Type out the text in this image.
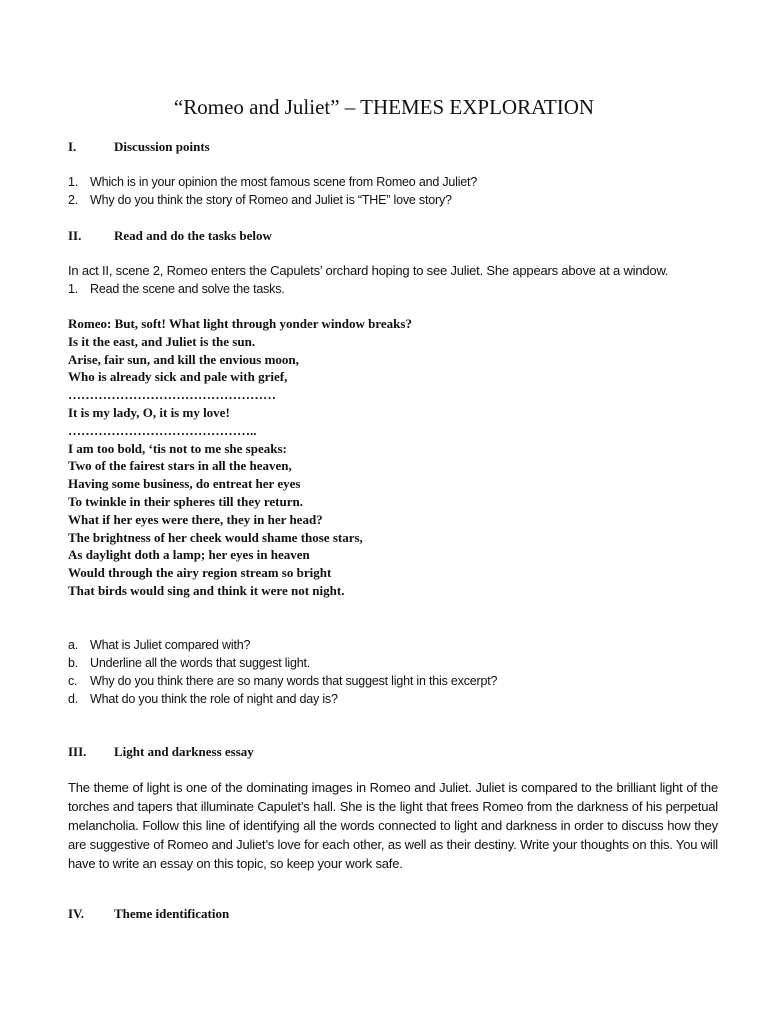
“Romeo and Juliet” – THEMES EXPLORATION
I.	Discussion points
1. Which is in your opinion the most famous scene from Romeo and Juliet?
2. Why do you think the story of Romeo and Juliet is “THE” love story?
II.	Read and do the tasks below
In act II, scene 2, Romeo enters the Capulets’ orchard hoping to see Juliet. She appears above at a window.
1. Read the scene and solve the tasks.
Romeo: But, soft! What light through yonder window breaks?
Is it the east, and Juliet is the sun.
Arise, fair sun, and kill the envious moon,
Who is already sick and pale with grief,
…………………………………………
It is my lady, O, it is my love!
……………………………………..
I am too bold, ‘tis not to me she speaks:
Two of the fairest stars in all the heaven,
Having some business, do entreat her eyes
To twinkle in their spheres till they return.
What if her eyes were there, they in her head?
The brightness of her cheek would shame those stars,
As daylight doth a lamp; her eyes in heaven
Would through the airy region stream so bright
That birds would sing and think it were not night.
a. What is Juliet compared with?
b. Underline all the words that suggest light.
c.	Why do you think there are so many words that suggest light in this excerpt?
d. What do you think the role of night and day is?
III. Light and darkness essay
The theme of light is one of the dominating images in Romeo and Juliet. Juliet is compared to the brilliant light of the torches and tapers that illuminate Capulet’s hall. She is the light that frees Romeo from the darkness of his perpetual melancholia. Follow this line of identifying all the words connected to light and darkness in order to discuss how they are suggestive of Romeo and Juliet’s love for each other, as well as their destiny. Write your thoughts on this. You will have to write an essay on this topic, so keep your work safe.
IV. Theme identification
